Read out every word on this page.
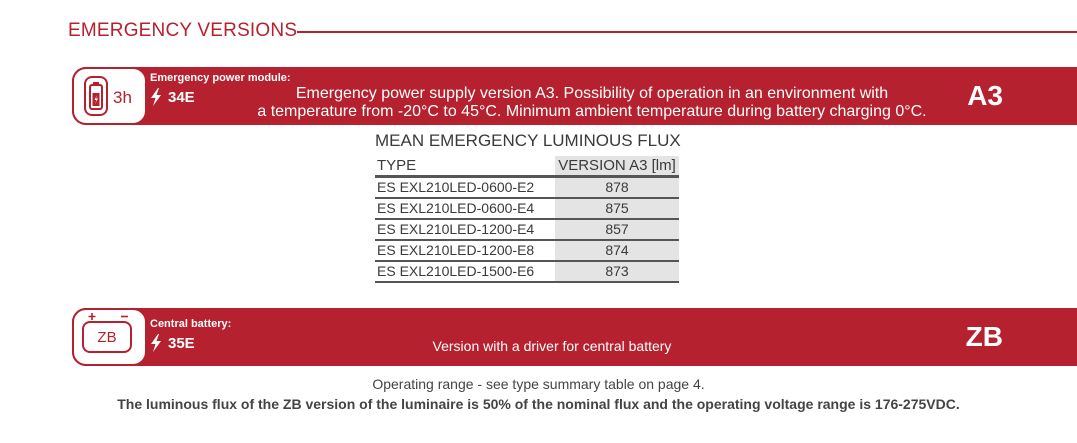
EMERGENCY VERSIONS
3h
Emergency power module:
34E	Emergency power supply version A3. Possibility of operation in an environment with
a temperature from -20°C to 45°C. Minimum ambient temperature during battery charging 0°C.
A3
MEAN EMERGENCY LUMINOUS FLUX
TYPE	VERSION A3 [lm]
ES EXL210LED-0600-E2	878
ES EXL210LED-0600-E4	875
ES EXL210LED-1200-E4	857
ES EXL210LED-1200-E8	874
ES EXL210LED-1500-E6	873
ZB
Central battery:
35E	Version with a driver for central battery	ZB
Operating range - see type summary table on page 4.
The luminous flux of the ZB version of the luminaire is 50% of the nominal flux and the operating voltage range is 176-275VDC.
